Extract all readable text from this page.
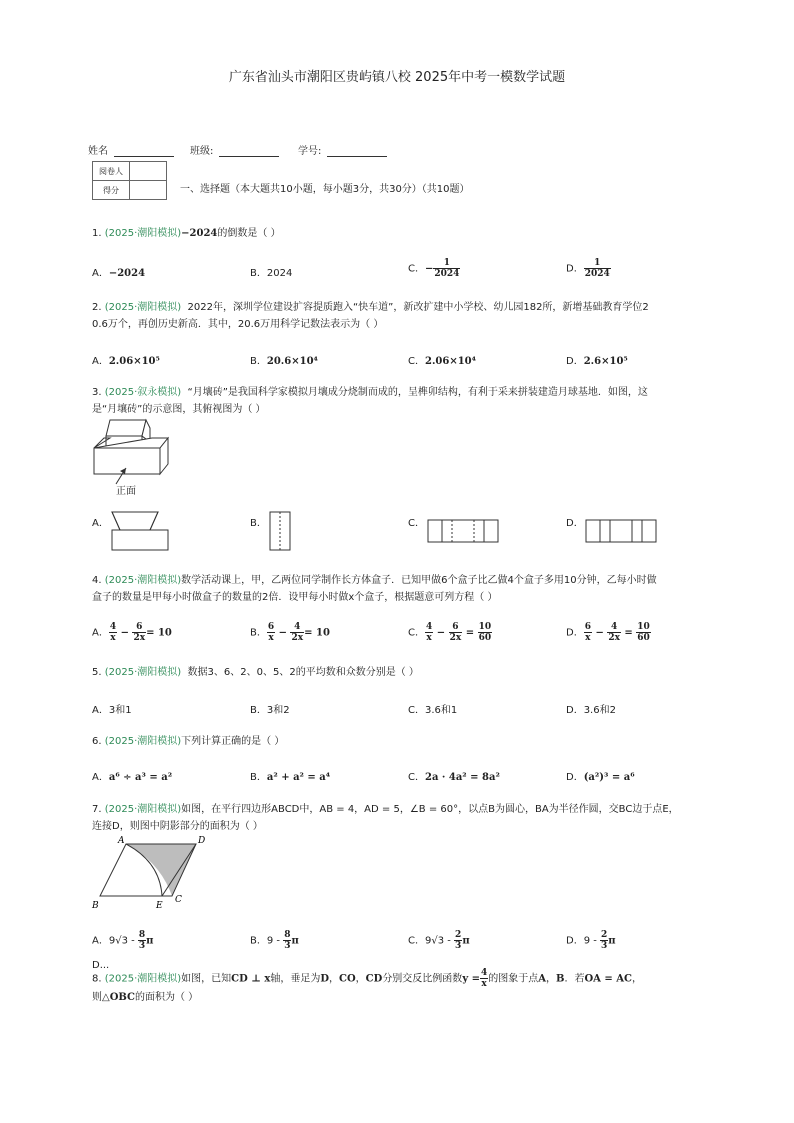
广东省汕头市潮阳区贵屿镇八校 2025年中考一模数学试题
姓名	班级:	学号:
阅卷人	
得分		一、选择题（本大题共10小题，每小题3分，共30分）（共10题）
1. (2025·潮阳模拟)−2024的倒数是（ ）
A．−2024	B．2024	C．− $\frac{1}{2024}$	D． $\frac{1}{2024}$
2. (2025·潮阳模拟) 2022年，深圳学位建设扩容提质跑入“快车道”，新改扩建中小学校、幼儿园182所，新增基础教育学位2
0.6万个，再创历史新高．其中，20.6万用科学记数法表示为（ ）
A．2.06×10⁵	B．20.6×10⁴	C．2.06×10⁴	D．2.6×10⁵
3. (2025·叙永模拟) “月壤砖”是我国科学家模拟月壤成分烧制而成的，呈榫卯结构，有利于采来拼装建造月球基地．如图，这
是“月壤砖”的示意图，其俯视图为（ ）
正面
A．	B．	C．	D．
4. (2025·潮阳模拟)数学活动课上，甲，乙两位同学制作长方体盒子．已知甲做6个盒子比乙做4个盒子多用10分钟，乙每小时做
盒子的数量是甲每小时做盒子的数量的2倍．设甲每小时做x个盒子，根据题意可列方程（ ）
A． $\frac{4}{x} - \frac{6}{2x} = 10$	B． $\frac{6}{x} - \frac{4}{2x} = 10$	C． $\frac{4}{x} - \frac{6}{2x} = \frac{10}{60}$	D． $\frac{6}{x} - \frac{4}{2x} = \frac{10}{60}$
5. (2025·潮阳模拟) 数据3、6、2、0、5、2的平均数和众数分别是（ ）
A．3和1	B．3和2	C．3.6和1	D．3.6和2
6. (2025·潮阳模拟)下列计算正确的是（ ）
A．a⁶ ÷ a³ = a²	B．a² + a² = a⁴	C．2a · 4a² = 8a²	D．(a²)³ = a⁶
7. (2025·潮阳模拟)如图，在平行四边形ABCD中，AB = 4，AD = 5，∠B = 60°，以点B为圆心，BA为半径作圆，交BC边于点E，
连接D，则图中阴影部分的面积为（ ）
A	D
B	E
C
A．$9√3 - \frac{8}{3}$ π	B．$9 - \frac{8}{3}$ π	C．$9√3 - \frac{2}{3}$ π	D．$9 - \frac{2}{3}$ π
D...
8. (2025·潮阳模拟)如图，已知CD ⊥ x轴，垂足为D，CO，CD分别交反比例函数$y = \frac{4}{x}$ 的图象于点A，B．若OA = AC，
则△OBC的面积为（ ）
